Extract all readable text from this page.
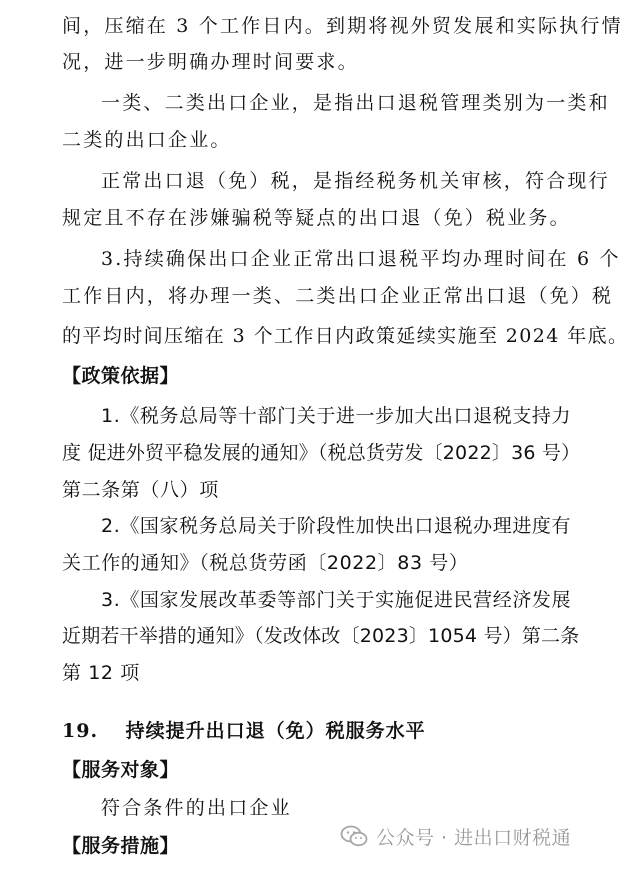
间，压缩在 3 个工作日内。到期将视外贸发展和实际执行情
况，进一步明确办理时间要求。
一类、二类出口企业，是指出口退税管理类别为一类和
二类的出口企业。
正常出口退（免）税，是指经税务机关审核，符合现行
规定且不存在涉嫌骗税等疑点的出口退（免）税业务。
3.持续确保出口企业正常出口退税平均办理时间在 6 个
工作日内，将办理一类、二类出口企业正常出口退（免）税
的平均时间压缩在 3 个工作日内政策延续实施至 2024 年底。
【政策依据】
1.《税务总局等十部门关于进一步加大出口退税支持力
度 促进外贸平稳发展的通知》（税总货劳发〔2022〕36 号）
第二条第（八）项
2.《国家税务总局关于阶段性加快出口退税办理进度有
关工作的通知》（税总货劳函〔2022〕83 号）
3.《国家发展改革委等部门关于实施促进民营经济发展
近期若干举措的通知》（发改体改〔2023〕1054 号）第二条
第 12 项
19.　 持续提升出口退（免）税服务水平
【服务对象】
符合条件的出口企业
【服务措施】	公众号 · 进出口财税通
